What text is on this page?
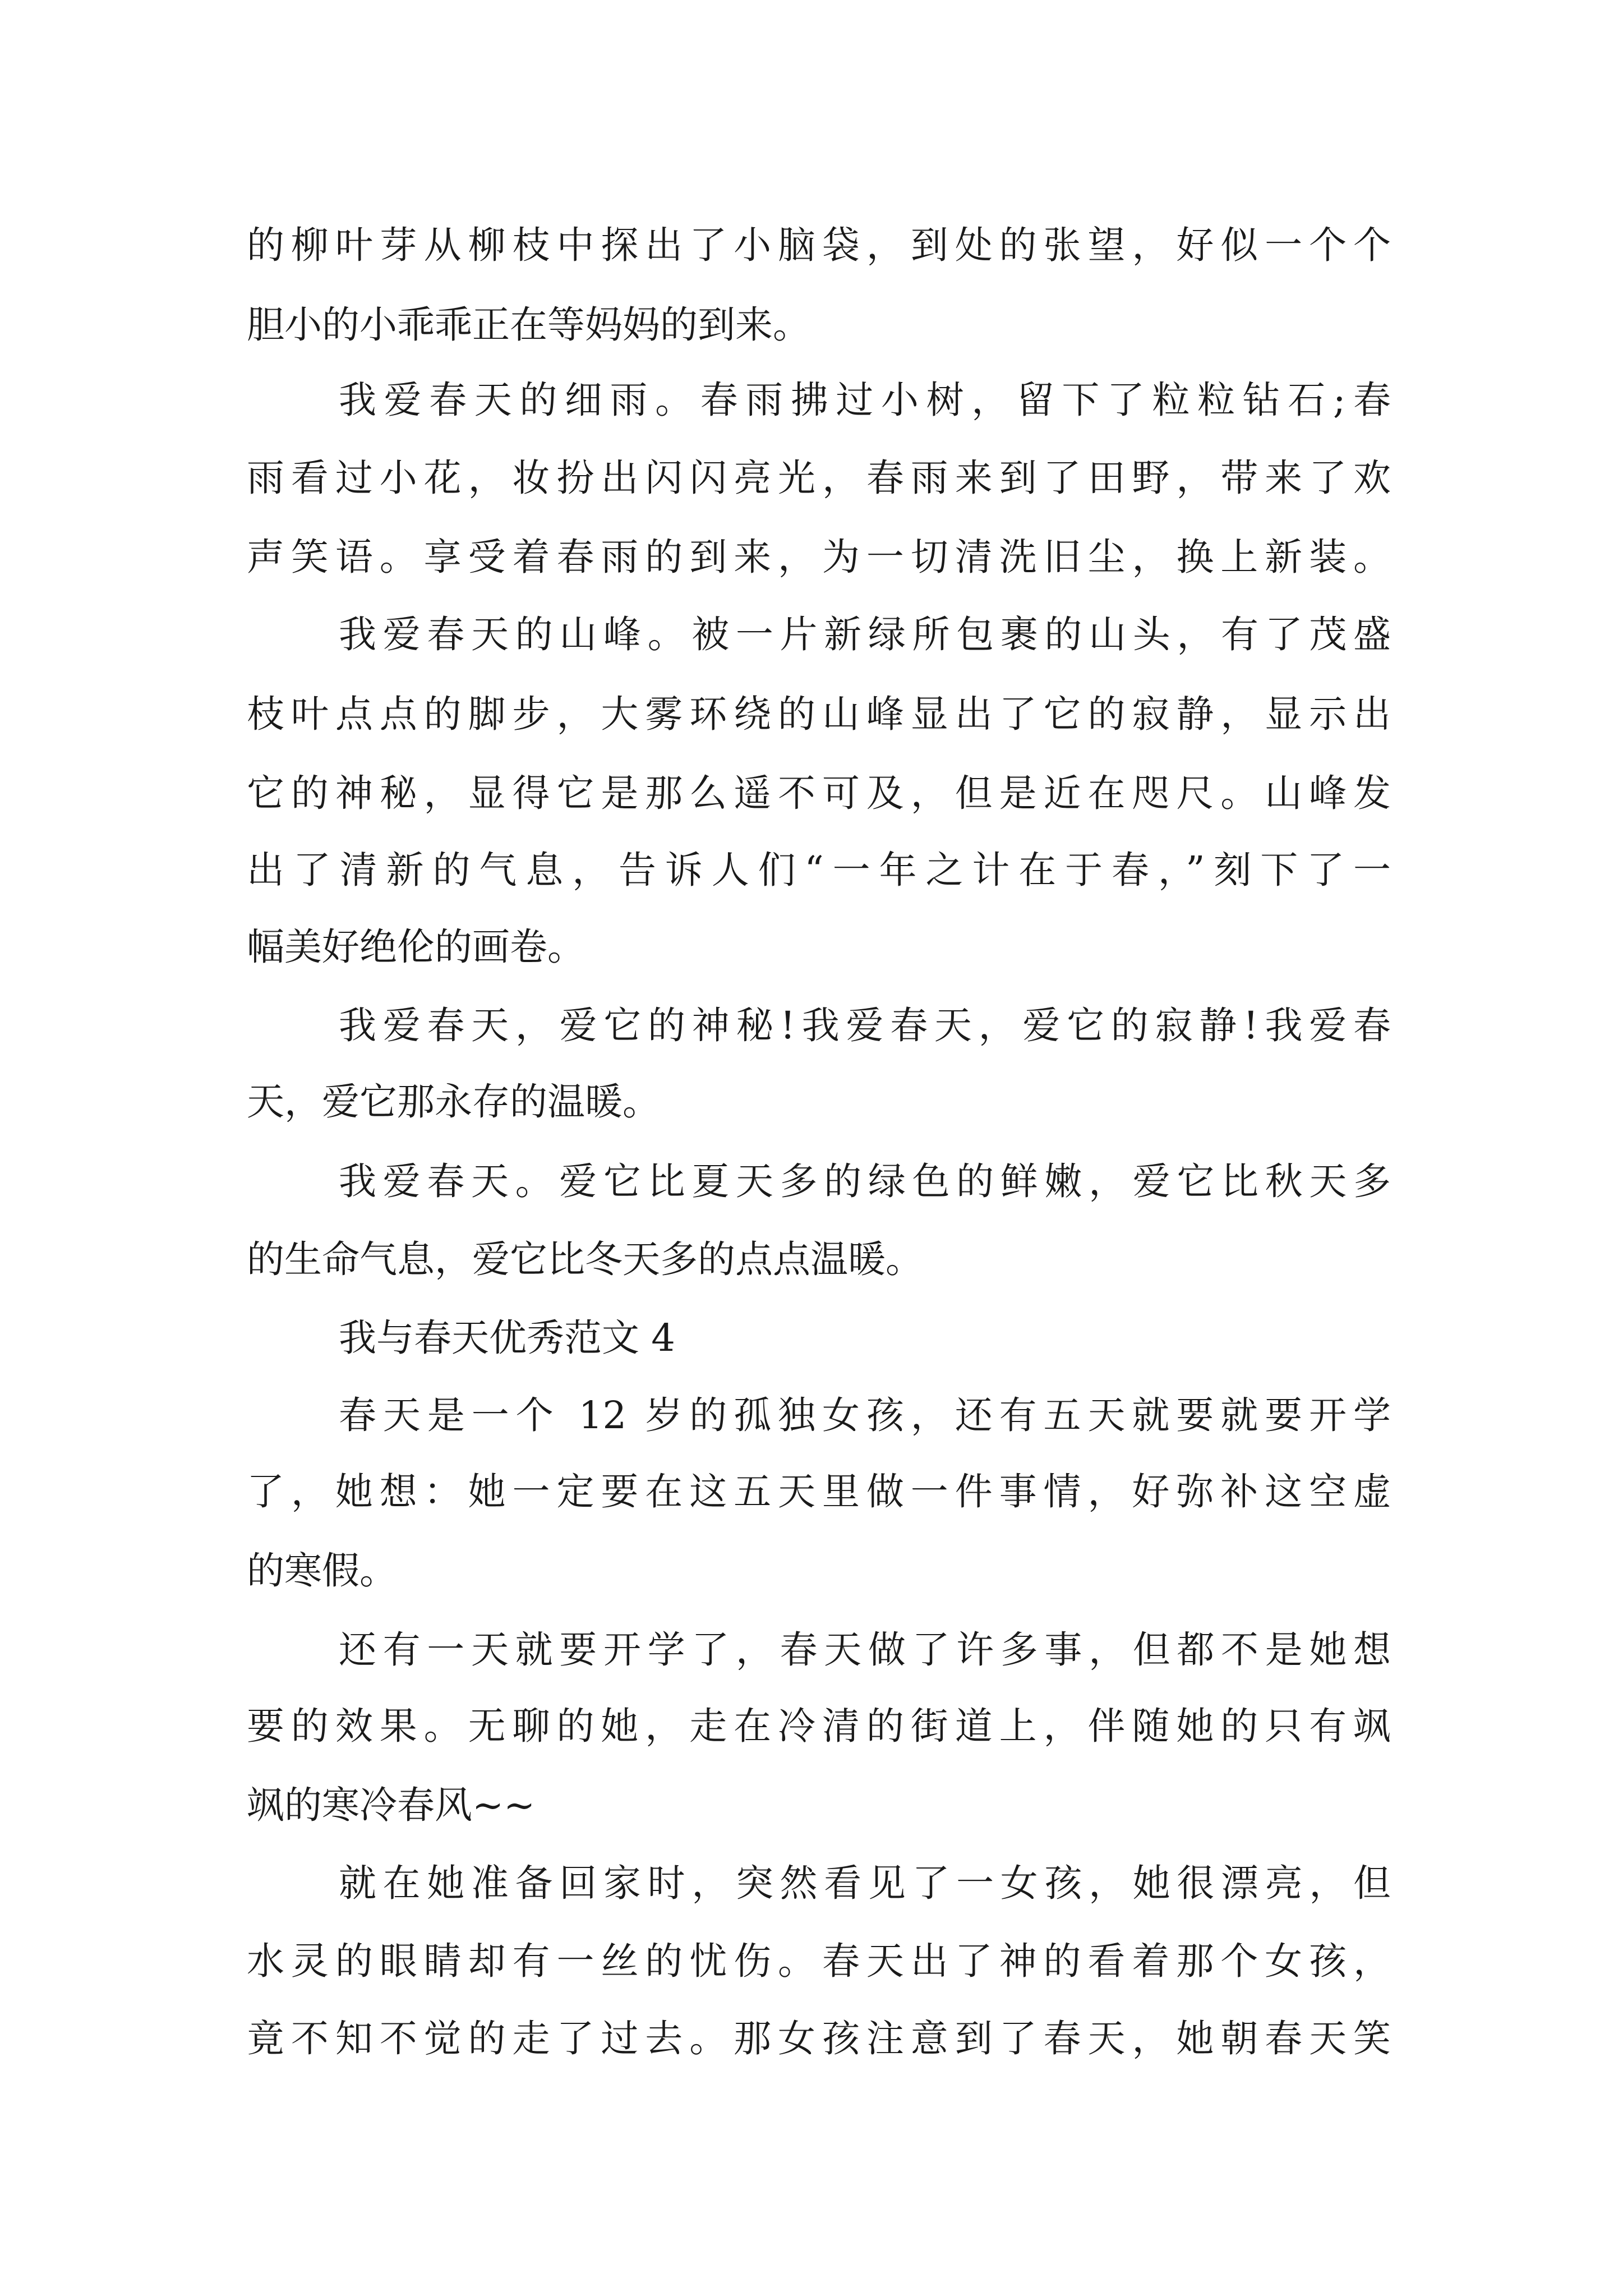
的柳叶芽从柳枝中探出了小脑袋，到处的张望，好似一个个

胆小的小乖乖正在等妈妈的到来。

我爱春天的细雨。春雨拂过小树，留下了粒粒钻石;春

雨看过小花，妆扮出闪闪亮光，春雨来到了田野，带来了欢

声笑语。享受着春雨的到来，为一切清洗旧尘，换上新装。

我爱春天的山峰。被一片新绿所包裹的山头，有了茂盛

枝叶点点的脚步，大雾环绕的山峰显出了它的寂静，显示出

它的神秘，显得它是那么遥不可及，但是近在咫尺。山峰发

出了清新的气息，告诉人们“一年之计在于春，”刻下了一

幅美好绝伦的画卷。

我爱春天，爱它的神秘!我爱春天，爱它的寂静!我爱春

天，爱它那永存的温暖。

我爱春天。爱它比夏天多的绿色的鲜嫩，爱它比秋天多

的生命气息，爱它比冬天多的点点温暖。

我与春天优秀范文 4

春天是一个 12 岁的孤独女孩，还有五天就要就要开学

了，她想：她一定要在这五天里做一件事情，好弥补这空虚

的寒假。

还有一天就要开学了，春天做了许多事，但都不是她想

要的效果。无聊的她，走在冷清的街道上，伴随她的只有飒

飒的寒冷春风~~

就在她准备回家时，突然看见了一女孩，她很漂亮，但

水灵的眼睛却有一丝的忧伤。春天出了神的看着那个女孩，

竟不知不觉的走了过去。那女孩注意到了春天，她朝春天笑
